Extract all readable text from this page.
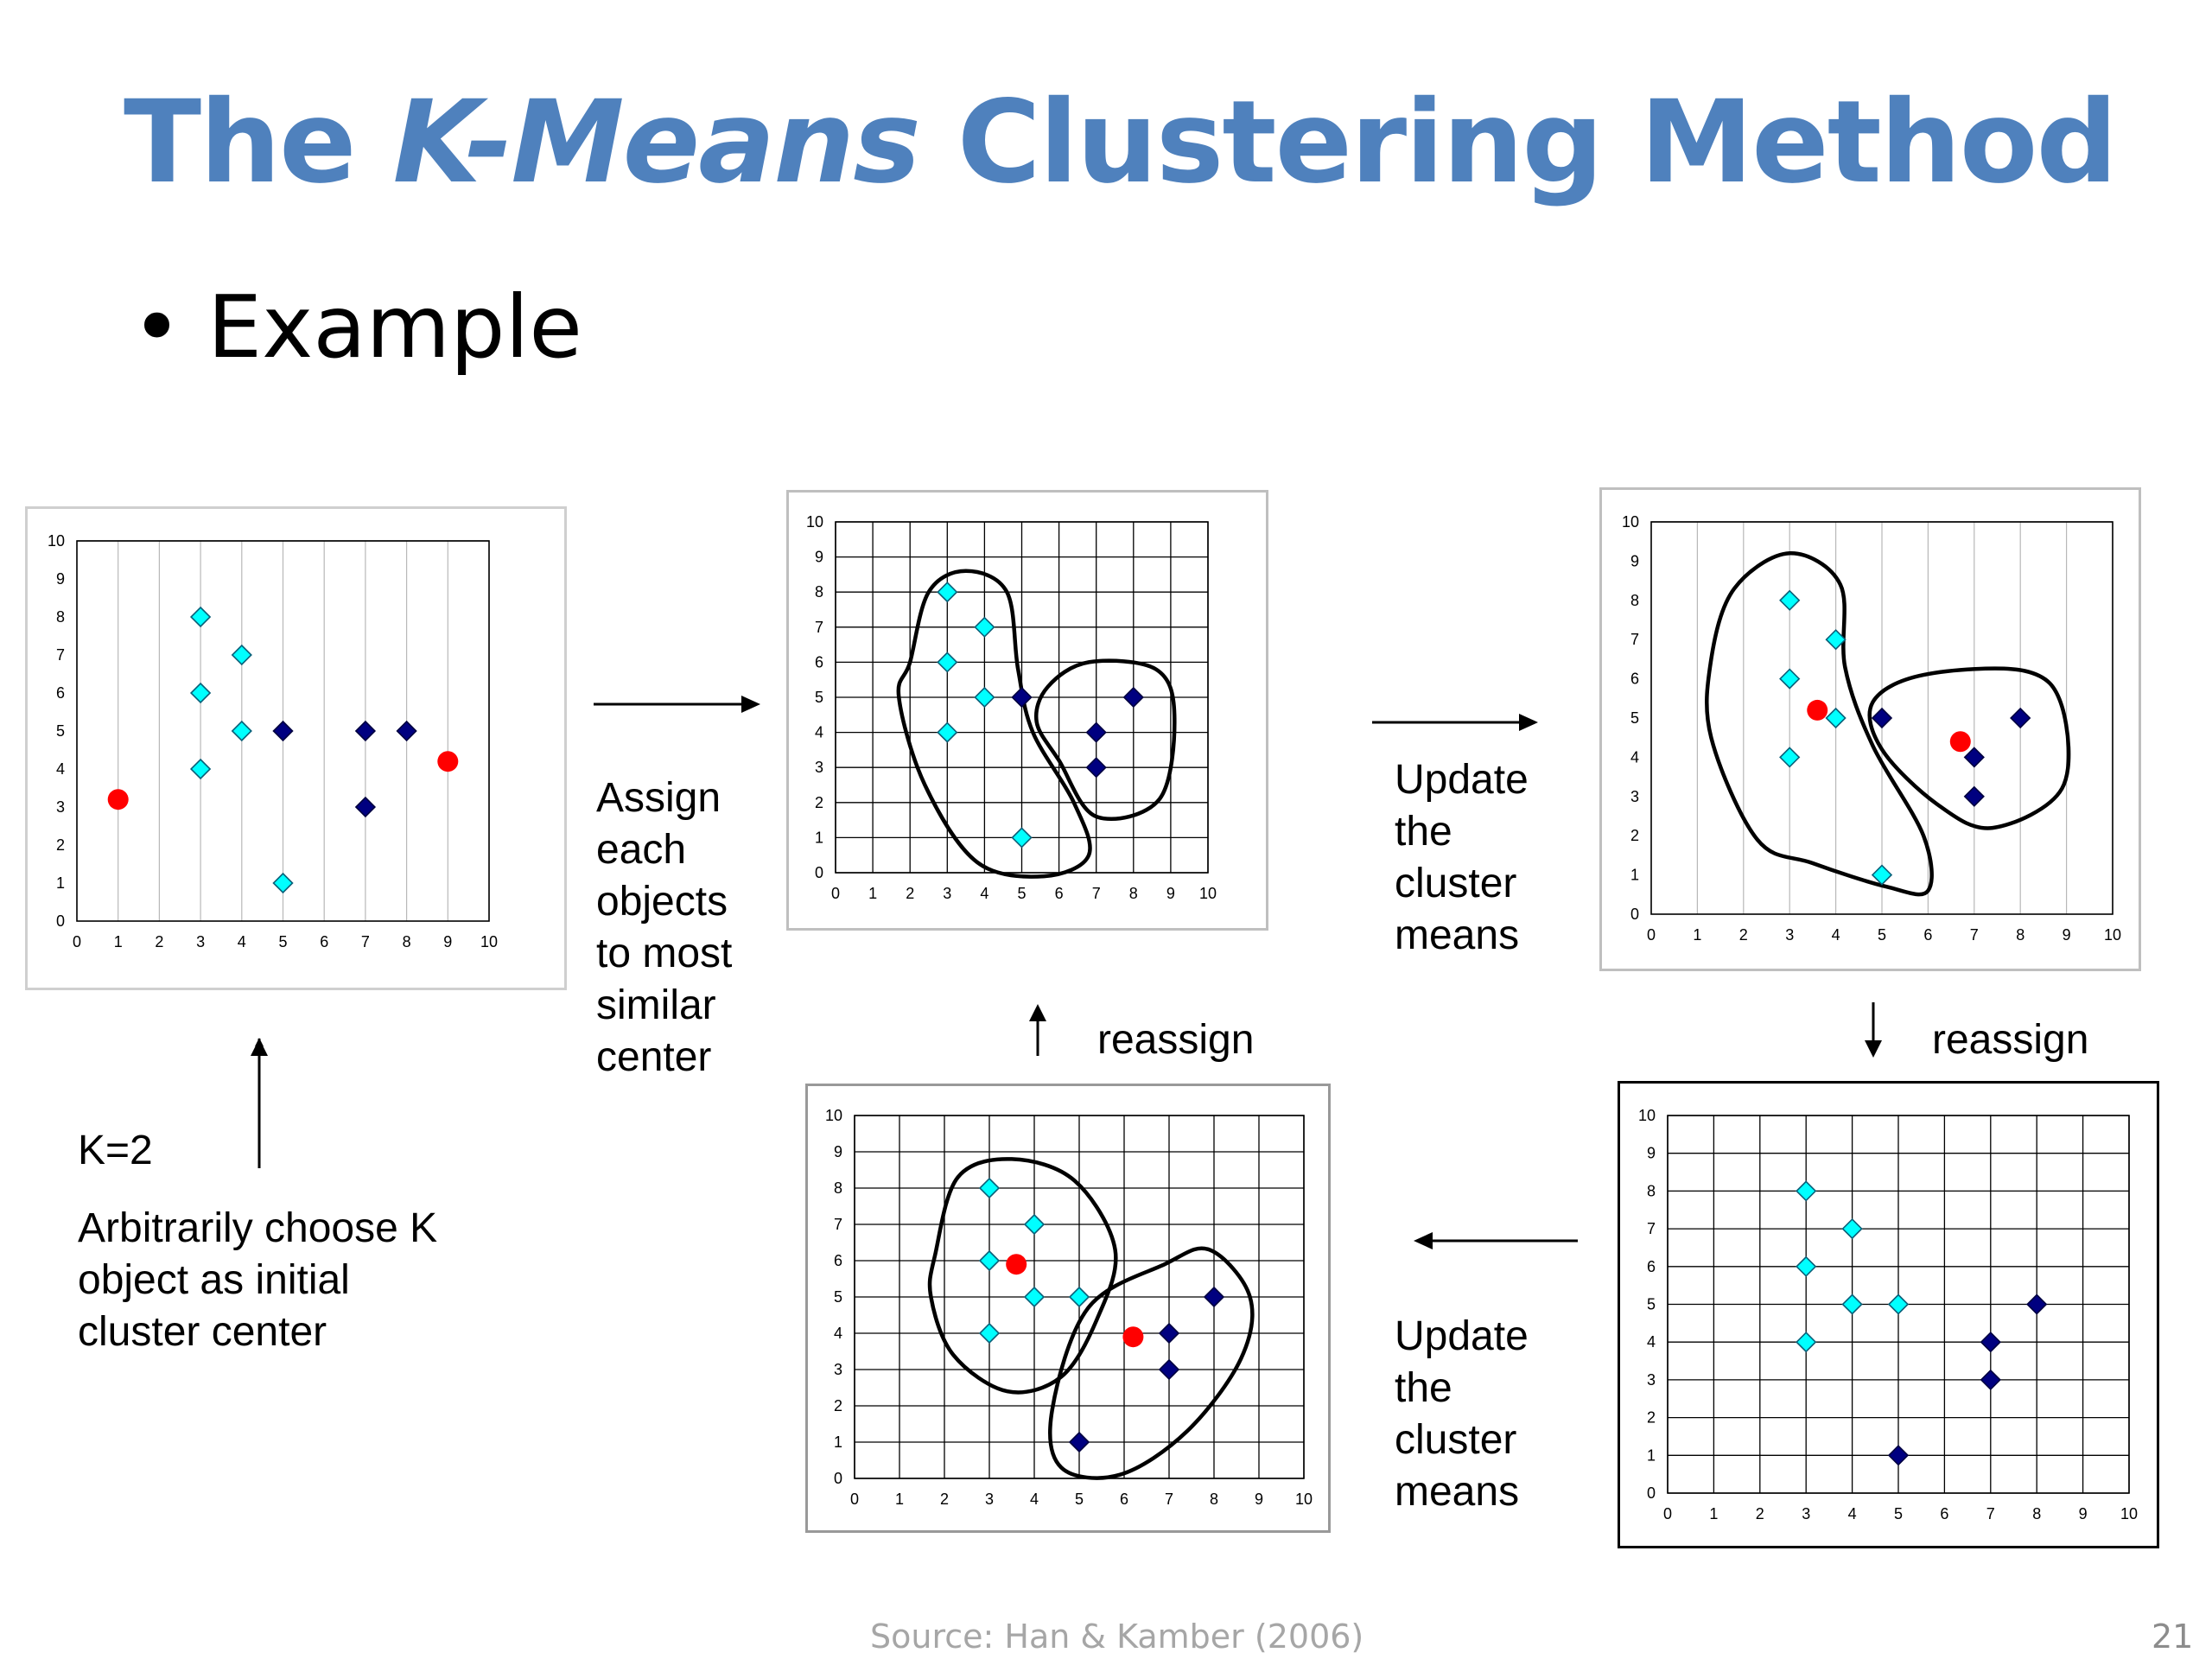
The K-Means Clustering Method
• Example
0 1 2 3 4 5 6 7 8 9 10
0
1
2
3
4
5
6
7
8
9
10
0 1 2 3 4 5 6 7 8 9 10
0
1
2
3
4
5
6
7
8
9
10
0 1 2 3 4 5 6 7 8 9 10
0
1
2
3
4
5
6
7
8
9
10
0 1 2 3 4 5 6 7 8 9 10
0
1
2
3
4
5
6
7
8
9
10
0 1 2 3 4 5 6 7 8 9 10
0
1
2
3
4
5
6
7
8
9
10
K=2
Arbitrarily choose K
object as initial
cluster center
Assign
each
objects
to most
similar
center
Update
the
cluster
means
Update
the
cluster
means
reassign	reassign
Source: Han & Kamber (2006)	21
